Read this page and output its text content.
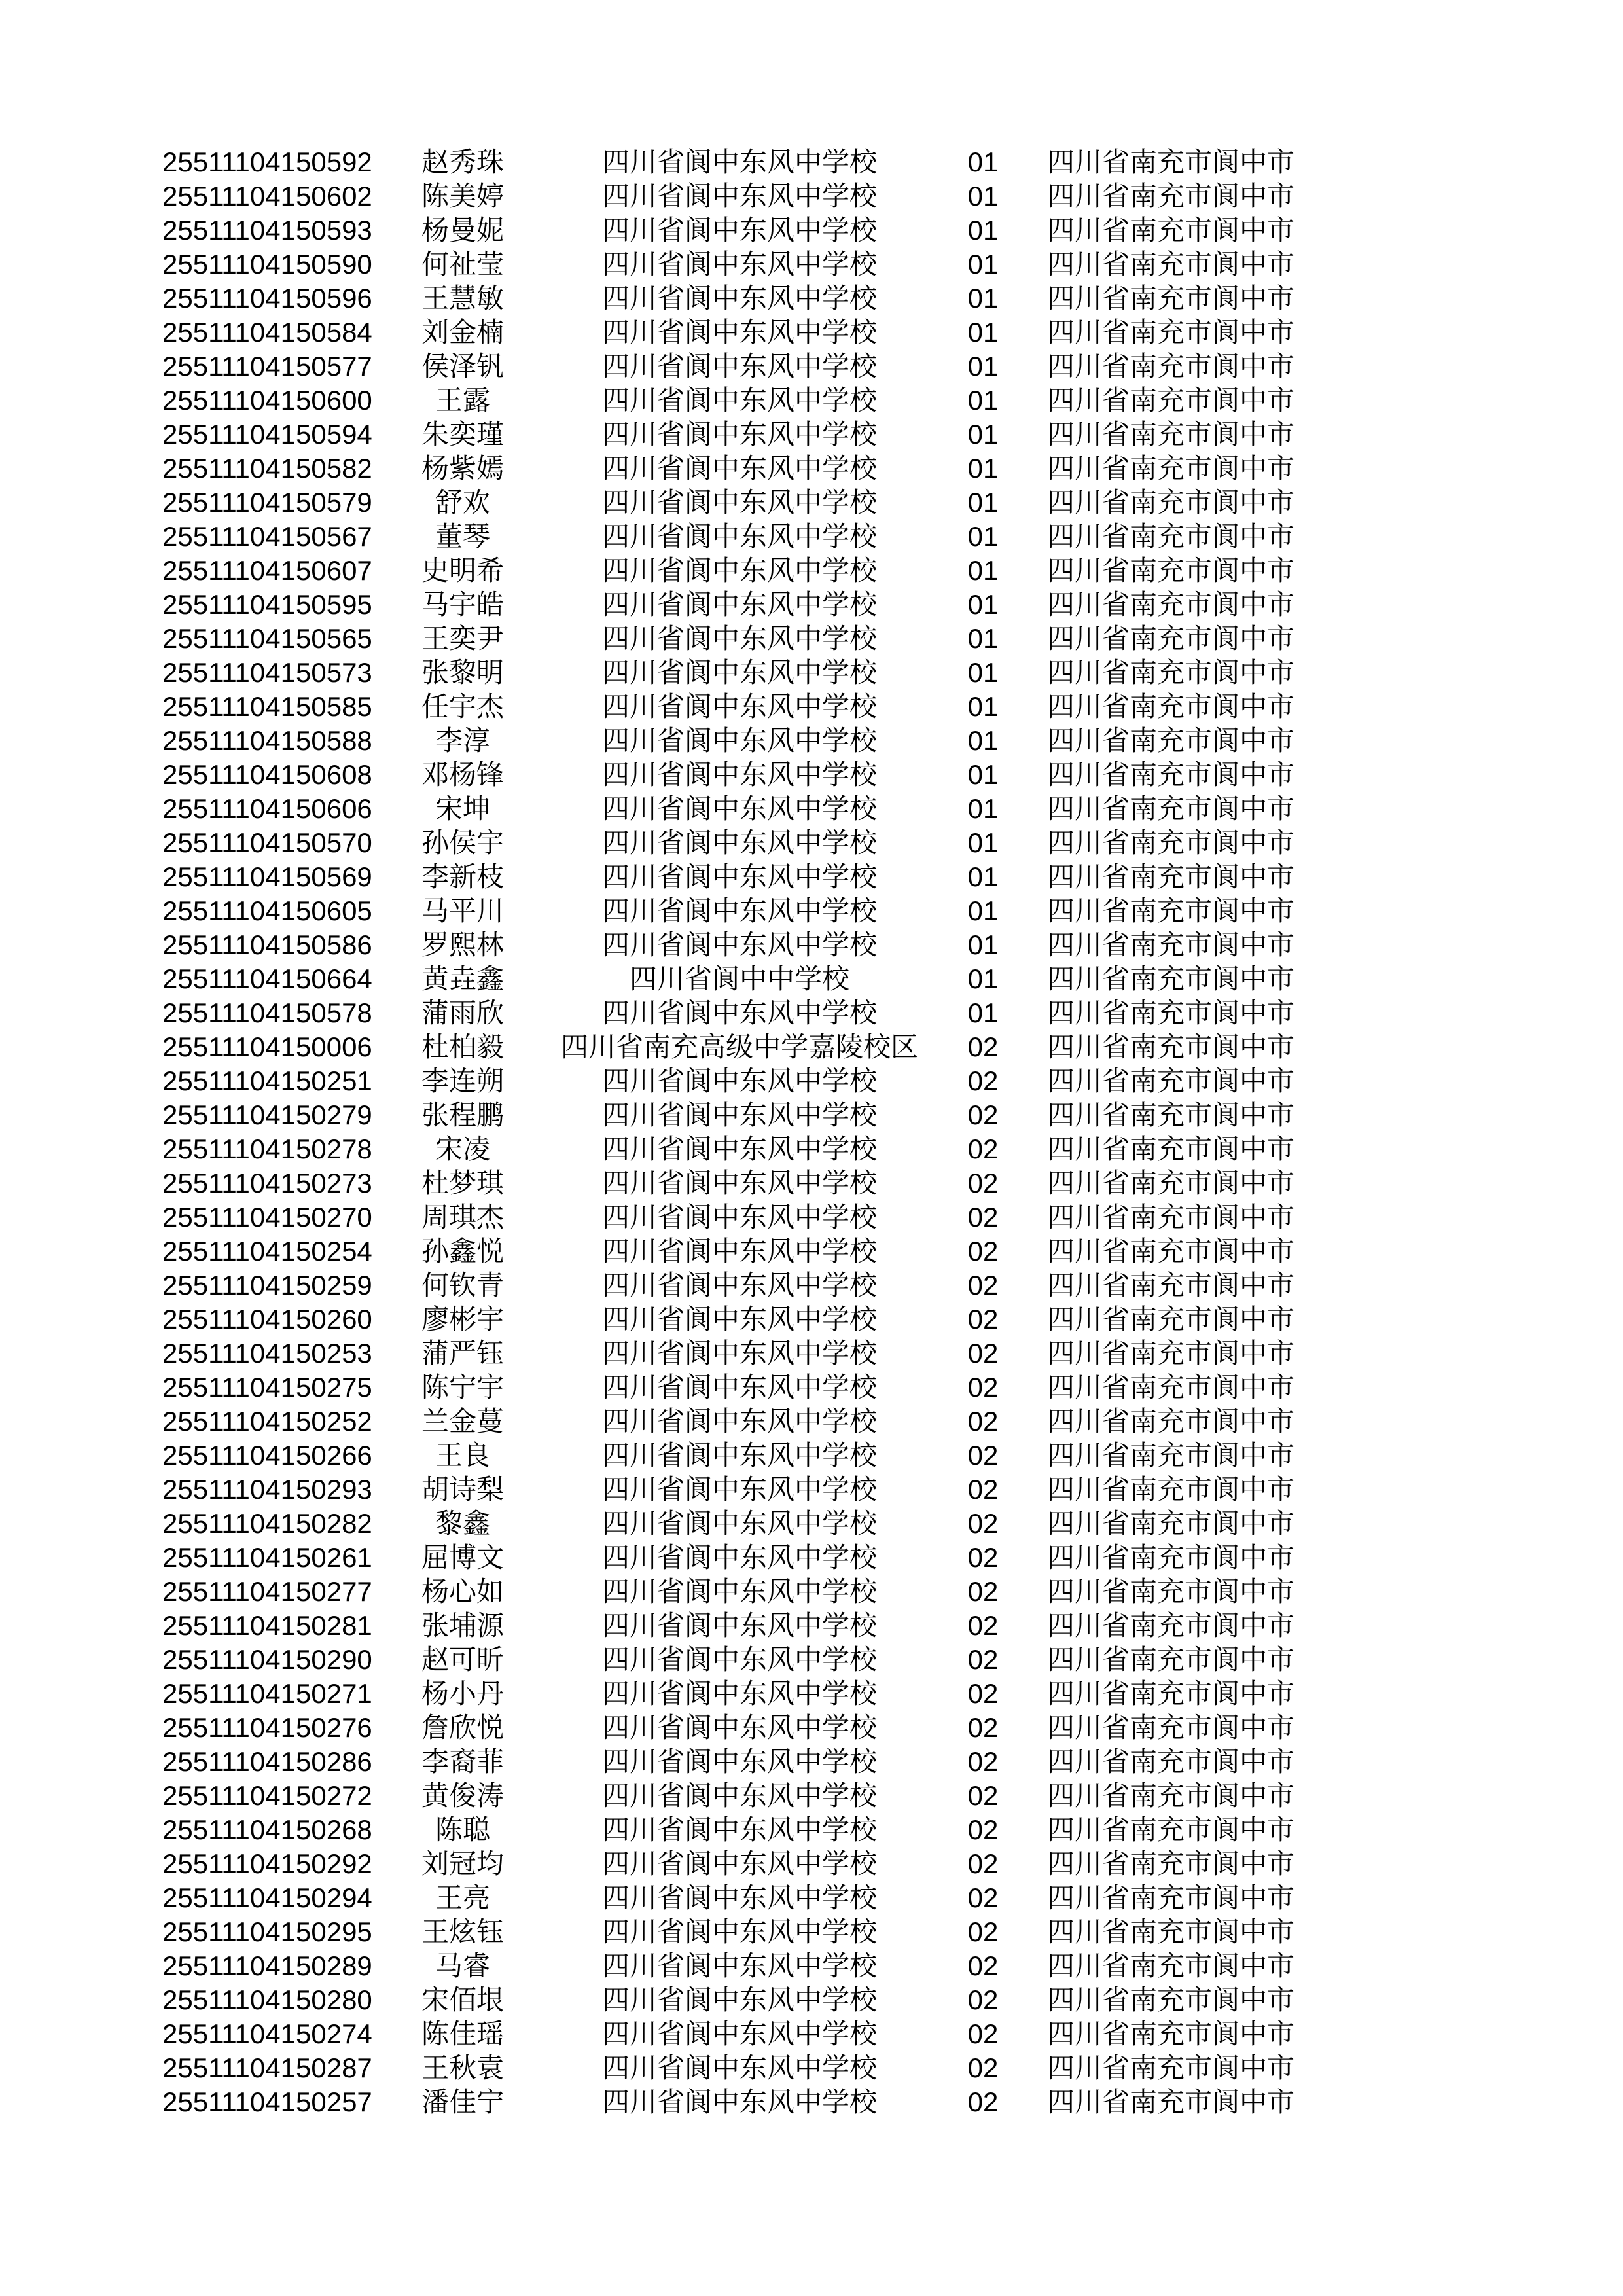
25511104150592	赵秀珠	四川省阆中东风中学校	01	四川省南充市阆中市
25511104150602	陈美婷	四川省阆中东风中学校	01	四川省南充市阆中市
25511104150593	杨曼妮	四川省阆中东风中学校	01	四川省南充市阆中市
25511104150590	何祉莹	四川省阆中东风中学校	01	四川省南充市阆中市
25511104150596	王慧敏	四川省阆中东风中学校	01	四川省南充市阆中市
25511104150584	刘金楠	四川省阆中东风中学校	01	四川省南充市阆中市
25511104150577	侯泽钒	四川省阆中东风中学校	01	四川省南充市阆中市
25511104150600	王露	四川省阆中东风中学校	01	四川省南充市阆中市
25511104150594	朱奕瑾	四川省阆中东风中学校	01	四川省南充市阆中市
25511104150582	杨紫嫣	四川省阆中东风中学校	01	四川省南充市阆中市
25511104150579	舒欢	四川省阆中东风中学校	01	四川省南充市阆中市
25511104150567	董琴	四川省阆中东风中学校	01	四川省南充市阆中市
25511104150607	史明希	四川省阆中东风中学校	01	四川省南充市阆中市
25511104150595	马宇皓	四川省阆中东风中学校	01	四川省南充市阆中市
25511104150565	王奕尹	四川省阆中东风中学校	01	四川省南充市阆中市
25511104150573	张黎明	四川省阆中东风中学校	01	四川省南充市阆中市
25511104150585	任宇杰	四川省阆中东风中学校	01	四川省南充市阆中市
25511104150588	李淳	四川省阆中东风中学校	01	四川省南充市阆中市
25511104150608	邓杨锋	四川省阆中东风中学校	01	四川省南充市阆中市
25511104150606	宋坤	四川省阆中东风中学校	01	四川省南充市阆中市
25511104150570	孙侯宇	四川省阆中东风中学校	01	四川省南充市阆中市
25511104150569	李新枝	四川省阆中东风中学校	01	四川省南充市阆中市
25511104150605	马平川	四川省阆中东风中学校	01	四川省南充市阆中市
25511104150586	罗熙林	四川省阆中东风中学校	01	四川省南充市阆中市
25511104150664	黄垚鑫	四川省阆中中学校	01	四川省南充市阆中市
25511104150578	蒲雨欣	四川省阆中东风中学校	01	四川省南充市阆中市
25511104150006	杜柏毅	四川省南充高级中学嘉陵校区	02	四川省南充市阆中市
25511104150251	李连朔	四川省阆中东风中学校	02	四川省南充市阆中市
25511104150279	张程鹏	四川省阆中东风中学校	02	四川省南充市阆中市
25511104150278	宋凌	四川省阆中东风中学校	02	四川省南充市阆中市
25511104150273	杜梦琪	四川省阆中东风中学校	02	四川省南充市阆中市
25511104150270	周琪杰	四川省阆中东风中学校	02	四川省南充市阆中市
25511104150254	孙鑫悦	四川省阆中东风中学校	02	四川省南充市阆中市
25511104150259	何钦青	四川省阆中东风中学校	02	四川省南充市阆中市
25511104150260	廖彬宇	四川省阆中东风中学校	02	四川省南充市阆中市
25511104150253	蒲严钰	四川省阆中东风中学校	02	四川省南充市阆中市
25511104150275	陈宁宇	四川省阆中东风中学校	02	四川省南充市阆中市
25511104150252	兰金蔓	四川省阆中东风中学校	02	四川省南充市阆中市
25511104150266	王良	四川省阆中东风中学校	02	四川省南充市阆中市
25511104150293	胡诗梨	四川省阆中东风中学校	02	四川省南充市阆中市
25511104150282	黎鑫	四川省阆中东风中学校	02	四川省南充市阆中市
25511104150261	屈博文	四川省阆中东风中学校	02	四川省南充市阆中市
25511104150277	杨心如	四川省阆中东风中学校	02	四川省南充市阆中市
25511104150281	张埔源	四川省阆中东风中学校	02	四川省南充市阆中市
25511104150290	赵可昕	四川省阆中东风中学校	02	四川省南充市阆中市
25511104150271	杨小丹	四川省阆中东风中学校	02	四川省南充市阆中市
25511104150276	詹欣悦	四川省阆中东风中学校	02	四川省南充市阆中市
25511104150286	李裔菲	四川省阆中东风中学校	02	四川省南充市阆中市
25511104150272	黄俊涛	四川省阆中东风中学校	02	四川省南充市阆中市
25511104150268	陈聪	四川省阆中东风中学校	02	四川省南充市阆中市
25511104150292	刘冠均	四川省阆中东风中学校	02	四川省南充市阆中市
25511104150294	王亮	四川省阆中东风中学校	02	四川省南充市阆中市
25511104150295	王炫钰	四川省阆中东风中学校	02	四川省南充市阆中市
25511104150289	马睿	四川省阆中东风中学校	02	四川省南充市阆中市
25511104150280	宋佰垠	四川省阆中东风中学校	02	四川省南充市阆中市
25511104150274	陈佳瑶	四川省阆中东风中学校	02	四川省南充市阆中市
25511104150287	王秋袁	四川省阆中东风中学校	02	四川省南充市阆中市
25511104150257	潘佳宁	四川省阆中东风中学校	02	四川省南充市阆中市
